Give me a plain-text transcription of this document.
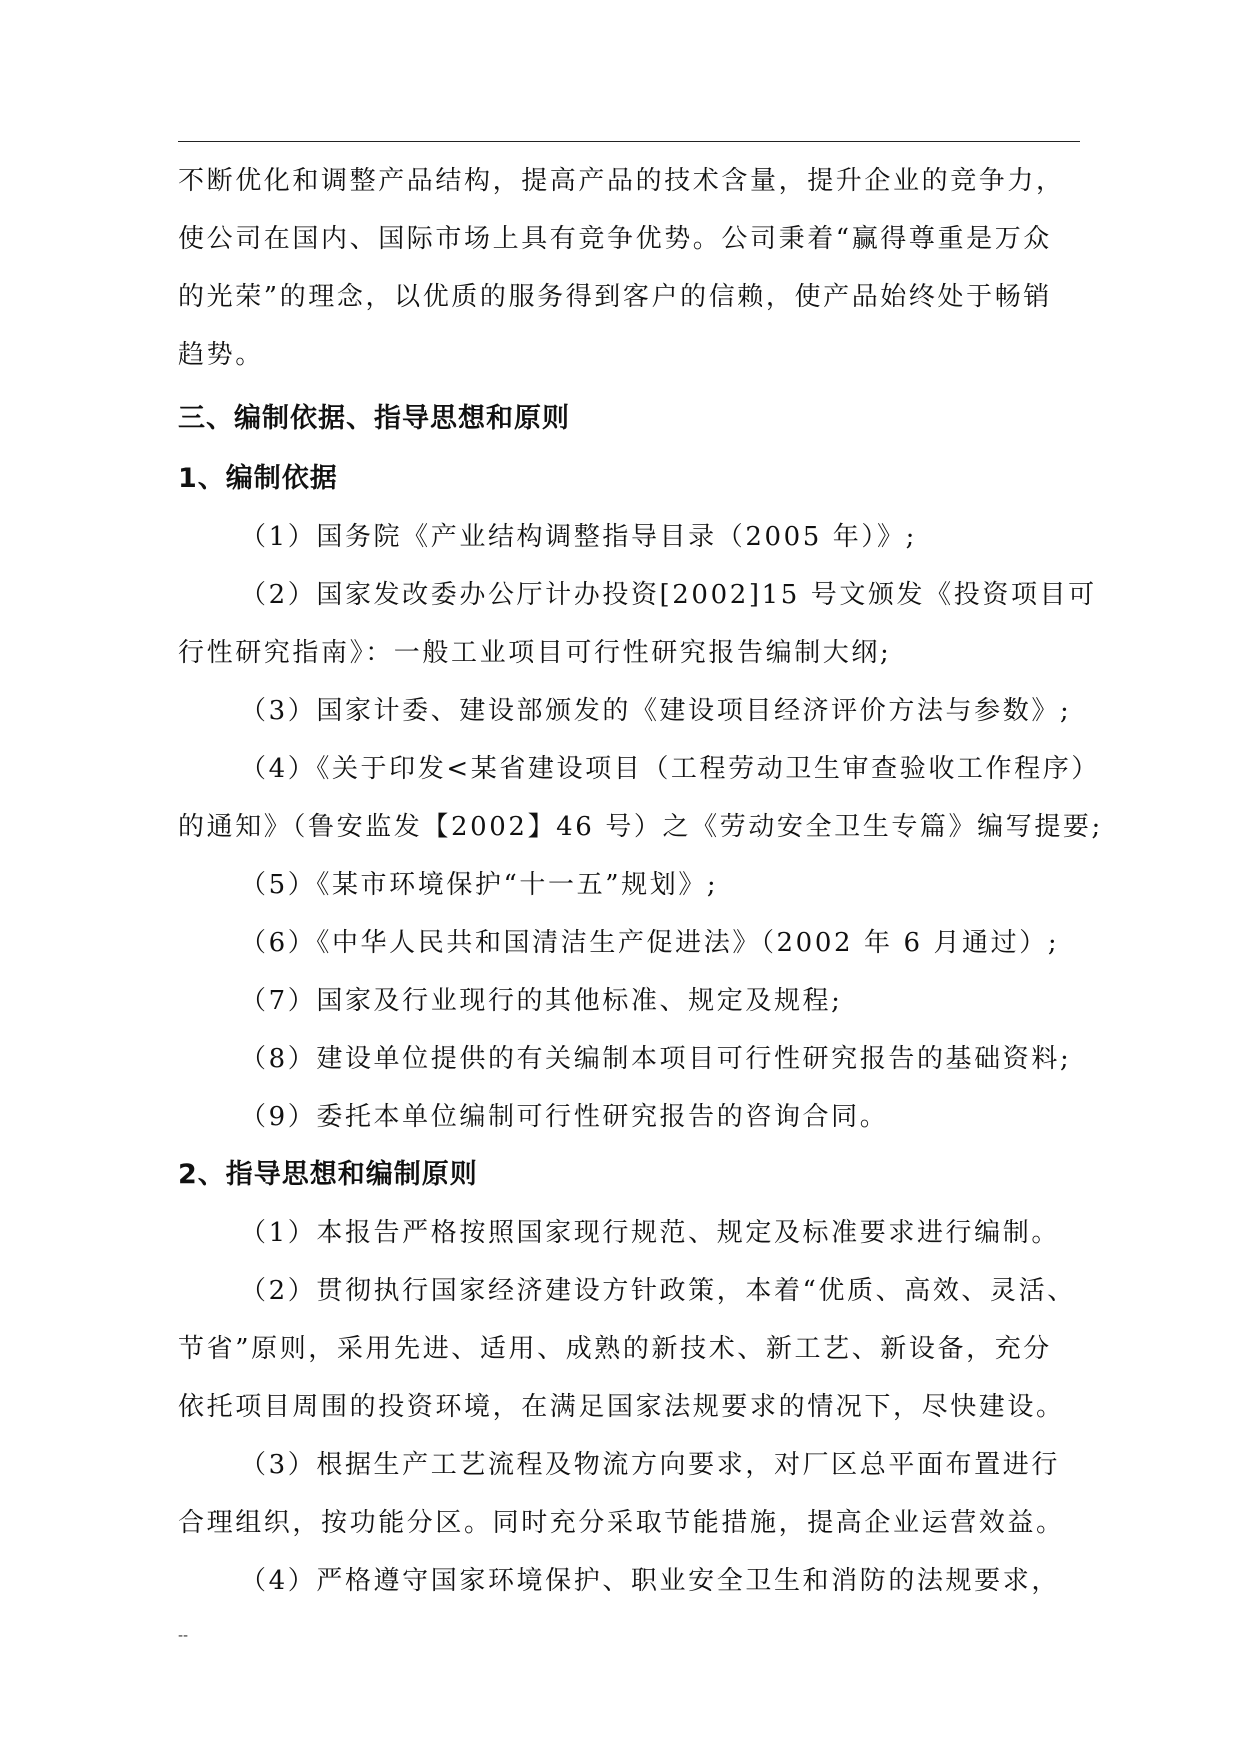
不断优化和调整产品结构，提高产品的技术含量，提升企业的竞争力，
使公司在国内、国际市场上具有竞争优势。公司秉着“赢得尊重是万众
的光荣”的理念，以优质的服务得到客户的信赖，使产品始终处于畅销
趋势。
三、编制依据、指导思想和原则
1、编制依据
（1）国务院《产业结构调整指导目录（2005 年）》;
（2）国家发改委办公厅计办投资[2002]15 号文颁发《投资项目可
行性研究指南》：一般工业项目可行性研究报告编制大纲;
（3）国家计委、建设部颁发的《建设项目经济评价方法与参数》;
（4）《关于印发<某省建设项目（工程劳动卫生审查验收工作程序）
的通知》（鲁安监发【2002】46 号）之《劳动安全卫生专篇》编写提要;
（5）《某市环境保护“十一五”规划》;
（6）《中华人民共和国清洁生产促进法》（2002 年 6 月通过）;
（7）国家及行业现行的其他标准、规定及规程;
（8）建设单位提供的有关编制本项目可行性研究报告的基础资料;
（9）委托本单位编制可行性研究报告的咨询合同。
2、指导思想和编制原则
（1）本报告严格按照国家现行规范、规定及标准要求进行编制。
（2）贯彻执行国家经济建设方针政策，本着“优质、高效、灵活、
节省”原则，采用先进、适用、成熟的新技术、新工艺、新设备，充分
依托项目周围的投资环境，在满足国家法规要求的情况下，尽快建设。
（3）根据生产工艺流程及物流方向要求，对厂区总平面布置进行
合理组织，按功能分区。同时充分采取节能措施，提高企业运营效益。
（4）严格遵守国家环境保护、职业安全卫生和消防的法规要求，
--
